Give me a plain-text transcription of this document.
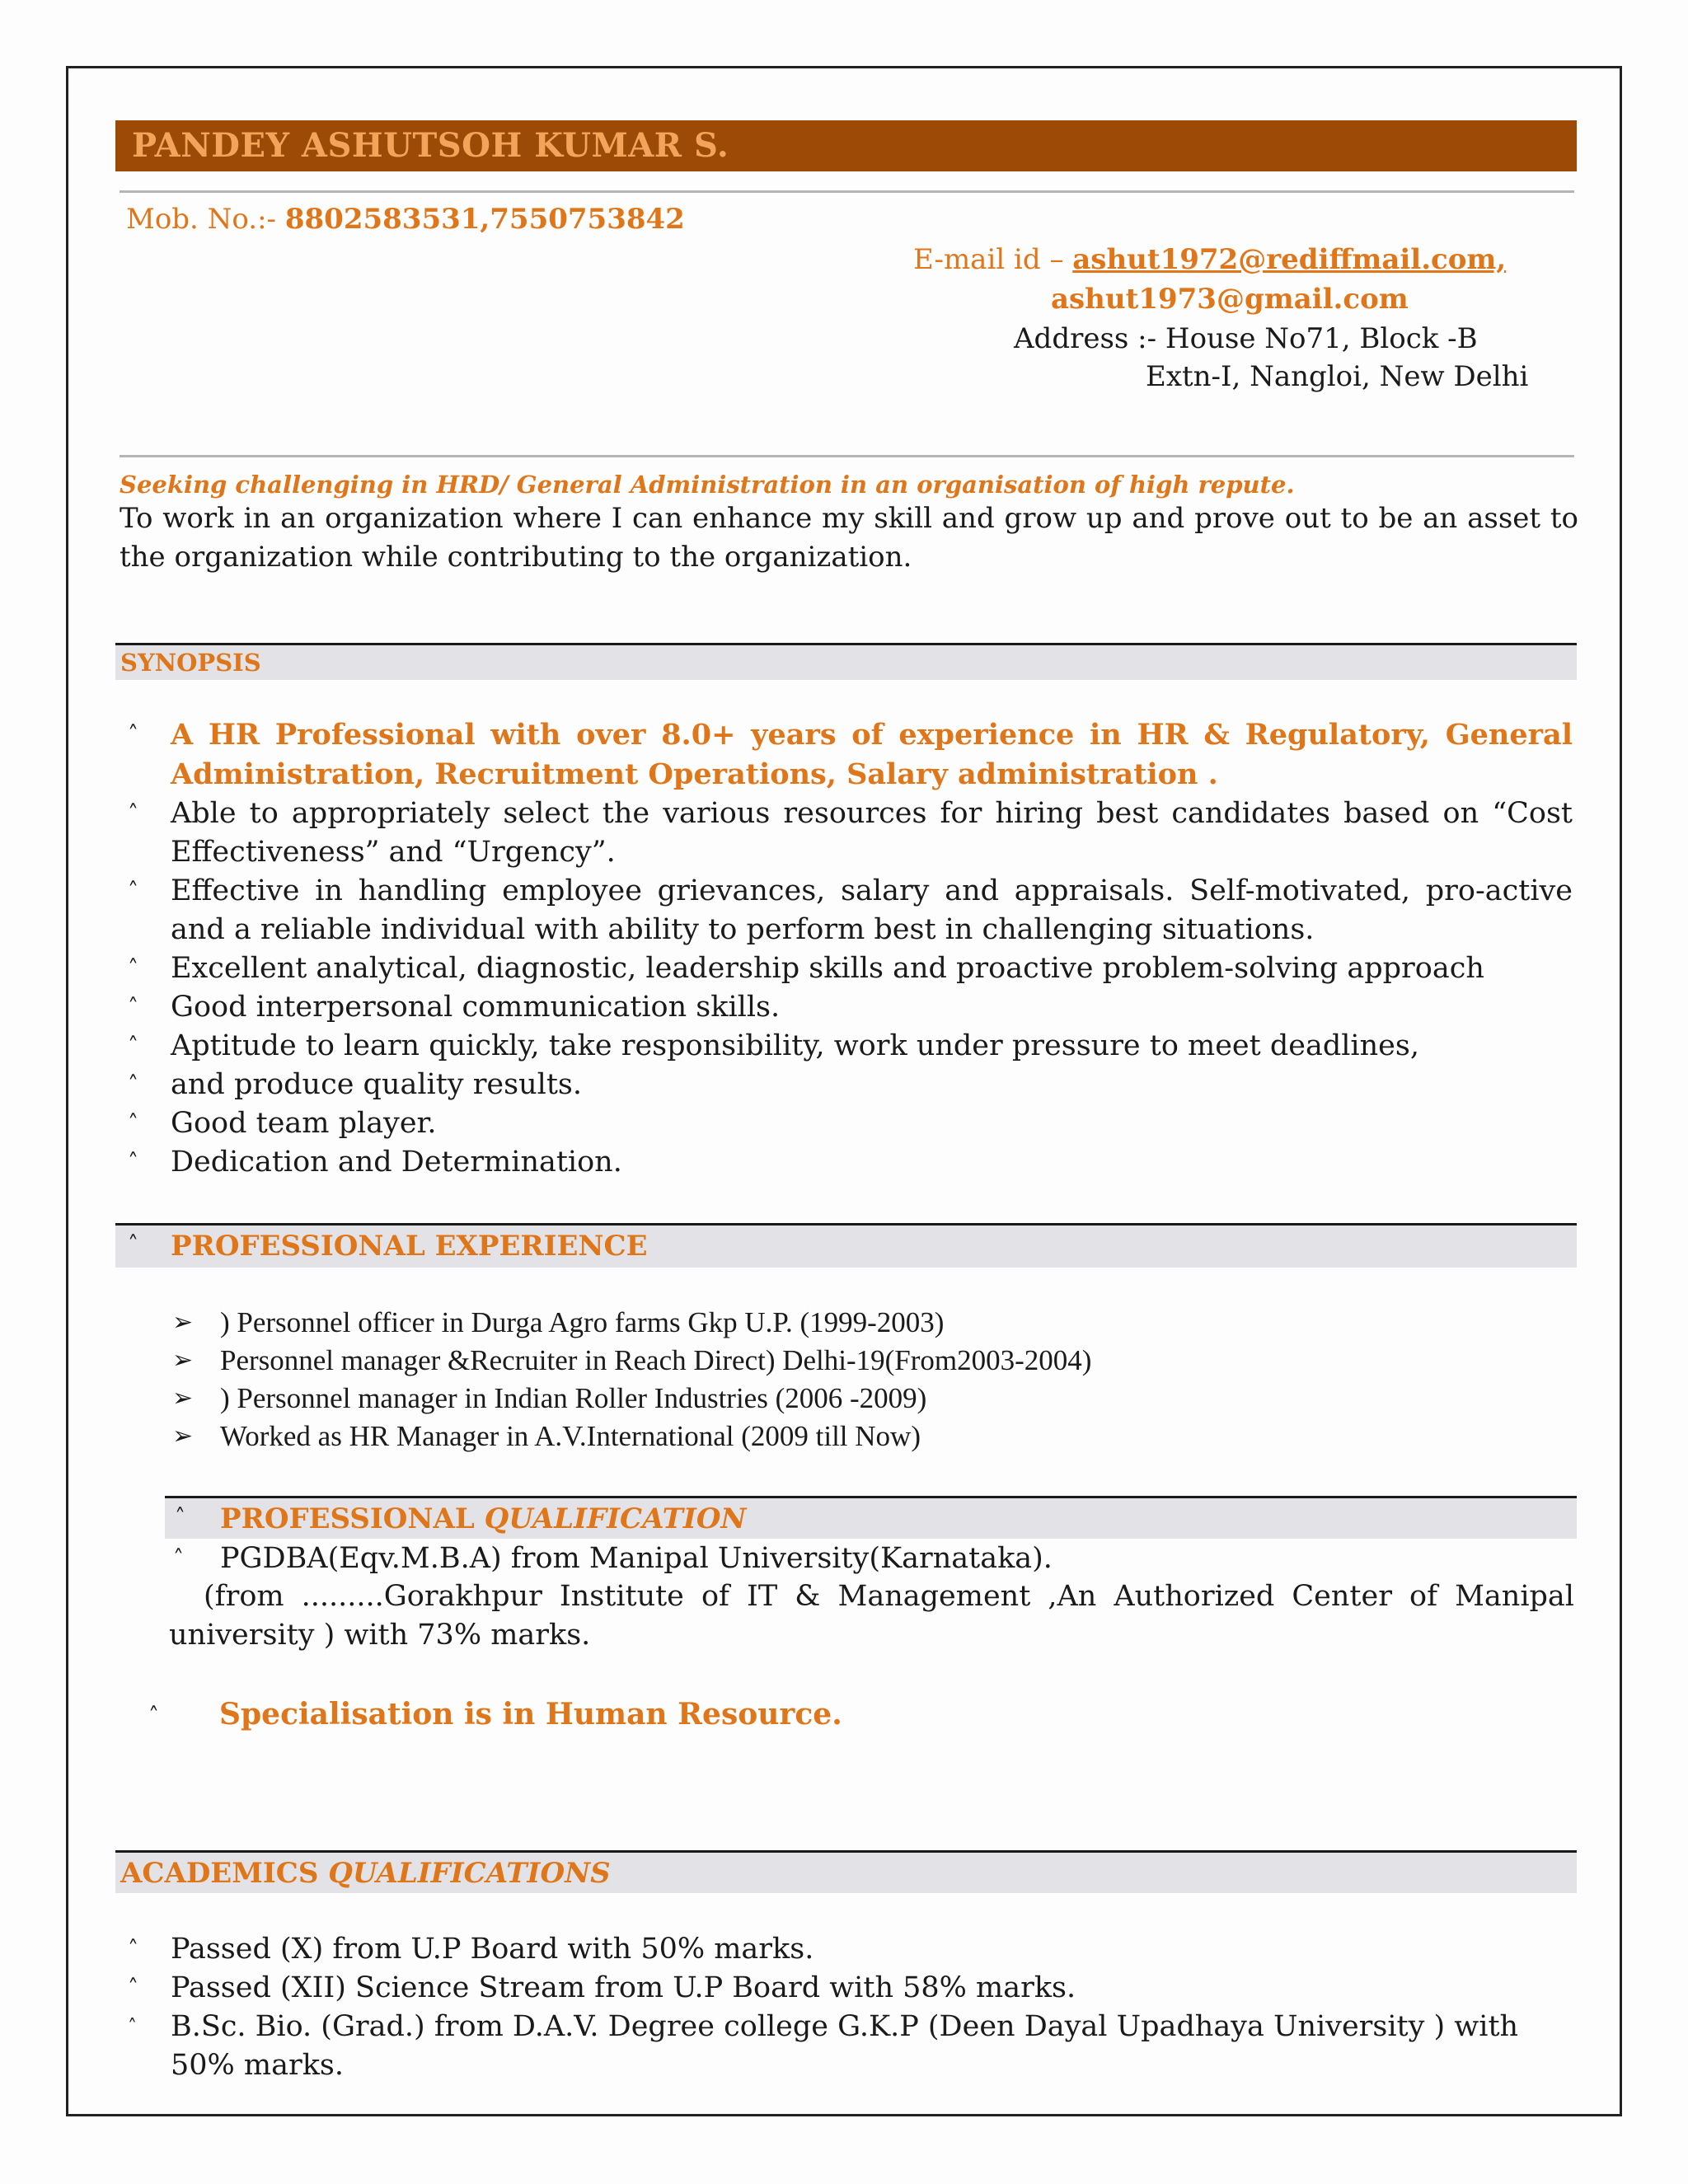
PANDEY ASHUTSOH KUMAR S.
Mob. No.:- 8802583531,7550753842
E-mail id – ashut1972@rediffmail.com,
ashut1973@gmail.com
Address :- House No71, Block -B
Extn-I, Nangloi, New Delhi
Seeking challenging in HRD/ General Administration in an organisation of high repute.
To work in an organization where I can enhance my skill and grow up and prove out to be an asset to the organization while contributing to the organization.
SYNOPSIS
˄ A HR Professional with over 8.0+ years of experience in HR & Regulatory, General Administration, Recruitment Operations, Salary administration .
˄ Able to appropriately select the various resources for hiring best candidates based on “Cost Effectiveness” and “Urgency”.
˄ Effective in handling employee grievances, salary and appraisals. Self-motivated, pro-active and a reliable individual with ability to perform best in challenging situations.
˄ Excellent analytical, diagnostic, leadership skills and proactive problem-solving approach
˄ Good interpersonal communication skills.
˄ Aptitude to learn quickly, take responsibility, work under pressure to meet deadlines,
˄ and produce quality results.
˄ Good team player.
˄ Dedication and Determination.
˄ PROFESSIONAL EXPERIENCE
➢ ) Personnel officer in Durga Agro farms Gkp U.P. (1999-2003)
➢ Personnel manager &Recruiter in Reach Direct) Delhi-19(From2003-2004)
➢ ) Personnel manager in Indian Roller Industries (2006 -2009)
➢ Worked as HR Manager in A.V.International (2009 till Now)
˄ PROFESSIONAL QUALIFICATION
˄ PGDBA(Eqv.M.B.A) from Manipal University(Karnataka).
(from .........Gorakhpur Institute of IT & Management ,An Authorized Center of Manipal university ) with 73% marks.
˄ Specialisation is in Human Resource.
ACADEMICS QUALIFICATIONS
˄ Passed (X) from U.P Board with 50% marks.
˄ Passed (XII) Science Stream from U.P Board with 58% marks.
˄ B.Sc. Bio. (Grad.) from D.A.V. Degree college G.K.P (Deen Dayal Upadhaya University ) with 50% marks.
